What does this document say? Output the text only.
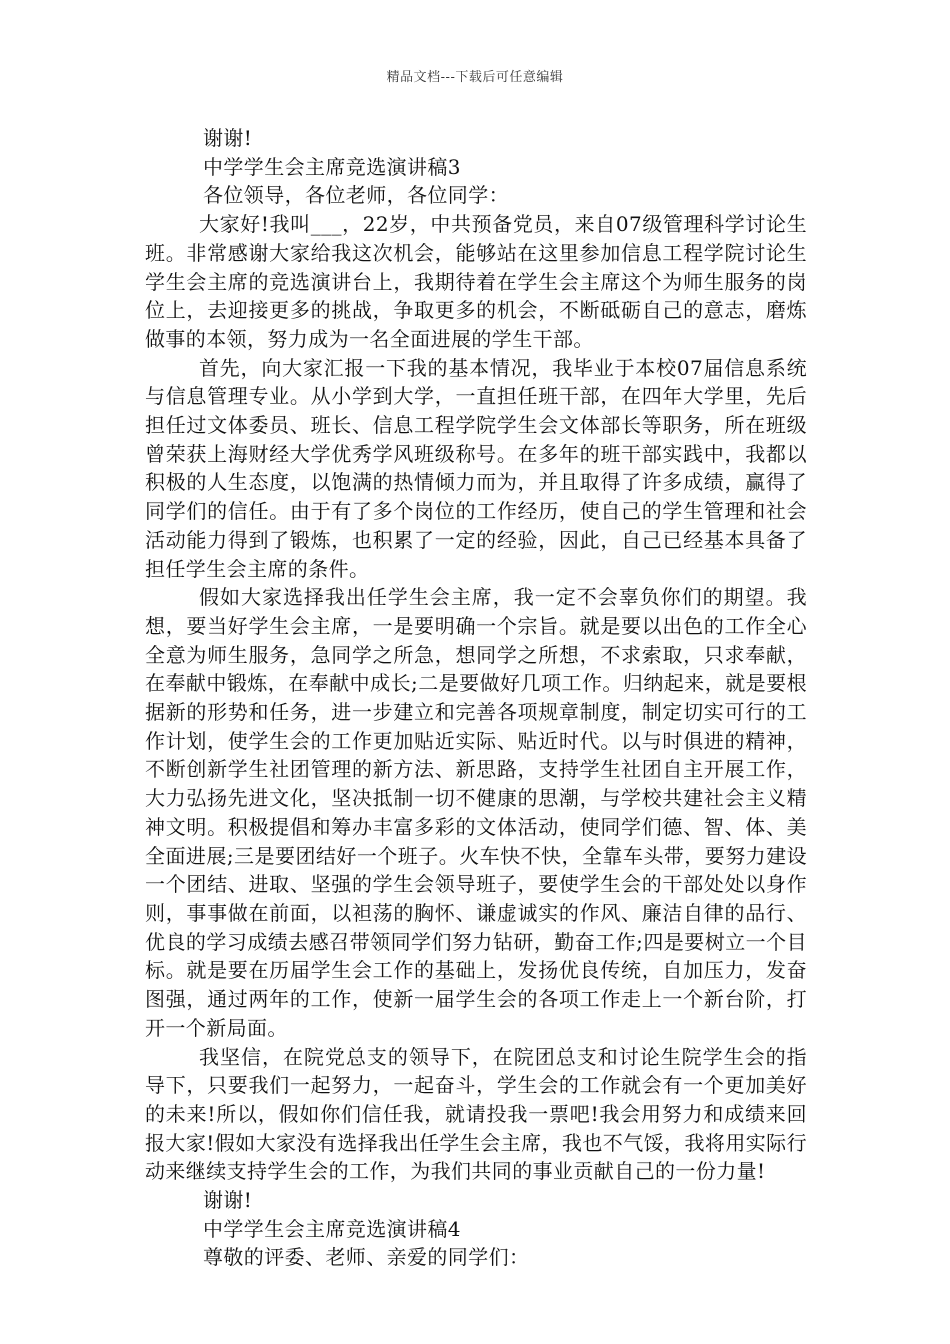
精品文档---下载后可任意编辑

谢谢!

中学学生会主席竞选演讲稿3

各位领导，各位老师，各位同学：

大家好!我叫___，22岁，中共预备党员，来自07级管理科学讨论生班。非常感谢大家给我这次机会，能够站在这里参加信息工程学院讨论生学生会主席的竞选演讲台上，我期待着在学生会主席这个为师生服务的岗位上，去迎接更多的挑战，争取更多的机会，不断砥砺自己的意志，磨炼做事的本领，努力成为一名全面进展的学生干部。

首先，向大家汇报一下我的基本情况，我毕业于本校07届信息系统与信息管理专业。从小学到大学，一直担任班干部，在四年大学里，先后担任过文体委员、班长、信息工程学院学生会文体部长等职务，所在班级曾荣获上海财经大学优秀学风班级称号。在多年的班干部实践中，我都以积极的人生态度，以饱满的热情倾力而为，并且取得了许多成绩，赢得了同学们的信任。由于有了多个岗位的工作经历，使自己的学生管理和社会活动能力得到了锻炼，也积累了一定的经验，因此，自己已经基本具备了担任学生会主席的条件。

假如大家选择我出任学生会主席，我一定不会辜负你们的期望。我想，要当好学生会主席，一是要明确一个宗旨。就是要以出色的工作全心全意为师生服务，急同学之所急，想同学之所想，不求索取，只求奉献，在奉献中锻炼，在奉献中成长;二是要做好几项工作。归纳起来，就是要根据新的形势和任务，进一步建立和完善各项规章制度，制定切实可行的工作计划，使学生会的工作更加贴近实际、贴近时代。以与时俱进的精神，不断创新学生社团管理的新方法、新思路，支持学生社团自主开展工作，大力弘扬先进文化，坚决抵制一切不健康的思潮，与学校共建社会主义精神文明。积极提倡和筹办丰富多彩的文体活动，使同学们德、智、体、美全面进展;三是要团结好一个班子。火车快不快，全靠车头带，要努力建设一个团结、进取、坚强的学生会领导班子，要使学生会的干部处处以身作则，事事做在前面，以袒荡的胸怀、谦虚诚实的作风、廉洁自律的品行、优良的学习成绩去感召带领同学们努力钻研，勤奋工作;四是要树立一个目标。就是要在历届学生会工作的基础上，发扬优良传统，自加压力，发奋图强，通过两年的工作，使新一届学生会的各项工作走上一个新台阶，打开一个新局面。

我坚信，在院党总支的领导下，在院团总支和讨论生院学生会的指导下，只要我们一起努力，一起奋斗，学生会的工作就会有一个更加美好的未来!所以，假如你们信任我，就请投我一票吧!我会用努力和成绩来回报大家!假如大家没有选择我出任学生会主席，我也不气馁，我将用实际行动来继续支持学生会的工作，为我们共同的事业贡献自己的一份力量!

谢谢!

中学学生会主席竞选演讲稿4

尊敬的评委、老师、亲爱的同学们：
